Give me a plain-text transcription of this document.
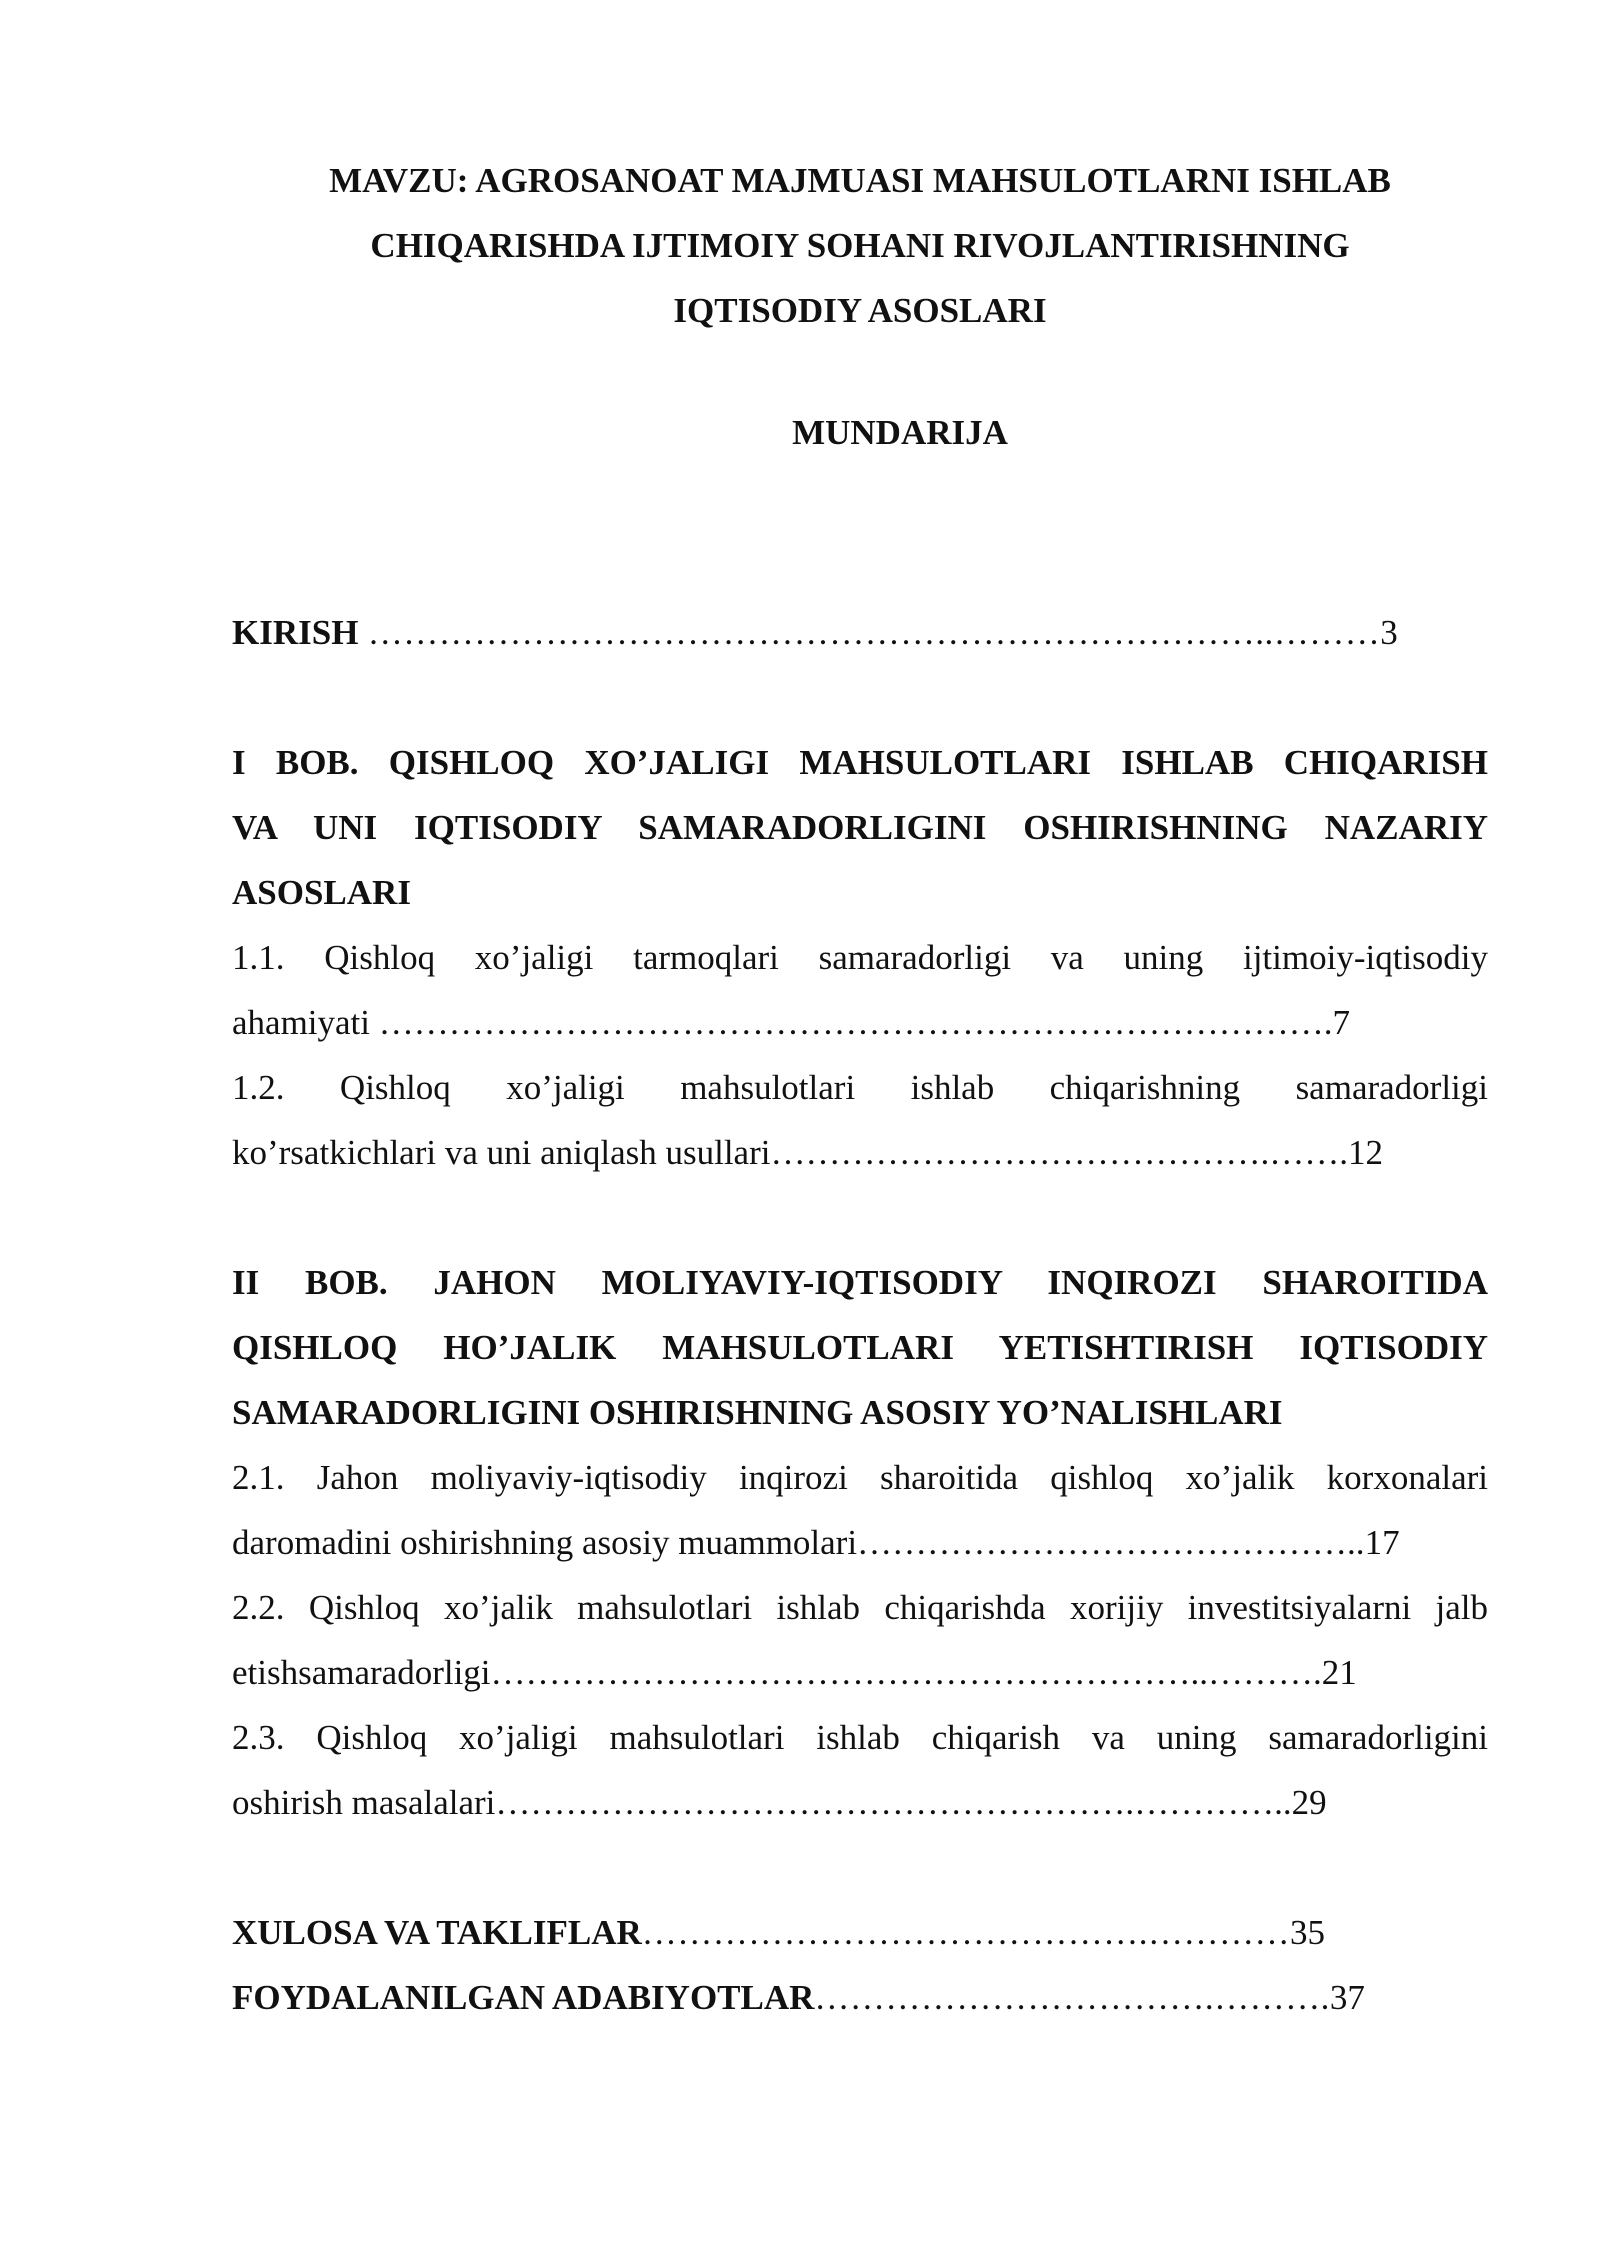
MAVZU: AGROSANOAT MAJMUASI MAHSULOTLARNI ISHLAB
CHIQARISHDA IJTIMOIY SOHANI RIVOJLANTIRISHNING
IQTISODIY ASOSLARI
MUNDARIJA
KIRISH …………………………………………………………………..………3
I BOB. QISHLOQ XO’JALIGI MAHSULOTLARI ISHLAB CHIQARISH
VA UNI IQTISODIY SAMARADORLIGINI OSHIRISHNING NAZARIY
ASOSLARI
1.1. Qishloq xo’jaligi tarmoqlari samaradorligi va uning ijtimoiy-iqtisodiy
ahamiyati ……………………………………………………………………….7
1.2. Qishloq xo’jaligi mahsulotlari ishlab chiqarishning samaradorligi
ko’rsatkichlari va uni aniqlash usullari…………………………………….…….12
II BOB. JAHON MOLIYAVIY-IQTISODIY INQIROZI SHAROITIDA
QISHLOQ HO’JALIK MAHSULOTLARI YETISHTIRISH IQTISODIY
SAMARADORLIGINI OSHIRISHNING ASOSIY YO’NALISHLARI
2.1. Jahon moliyaviy-iqtisodiy inqirozi sharoitida qishloq xo’jalik korxonalari
daromadini oshirishning asosiy muammolari……………………………………..17
2.2. Qishloq xo’jalik mahsulotlari ishlab chiqarishda xorijiy investitsiyalarni jalb
etishsamaradorligi……………………………………………………..……….21
2.3. Qishloq xo’jaligi mahsulotlari ishlab chiqarish va uning samaradorligini
oshirish masalalari……………………………………………….…………..29
XULOSA VA TAKLIFLAR…………………………………….…………35
FOYDALANILGAN ADABIYOTLAR…………………………….……….37
